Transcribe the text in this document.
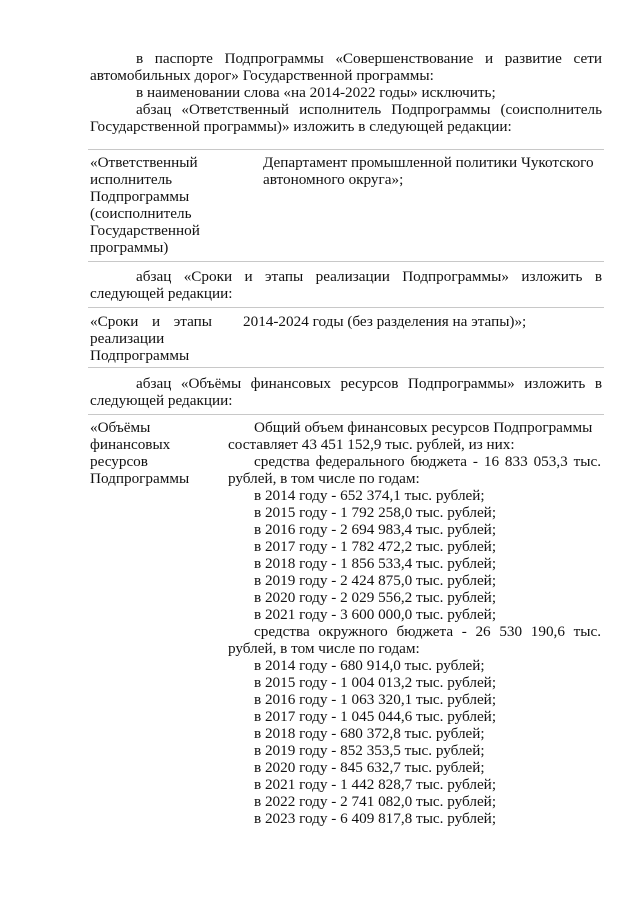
в паспорте Подпрограммы «Совершенствование и развитие сети
автомобильных дорог» Государственной программы:
в наименовании слова «на 2014-2022 годы» исключить;
абзац «Ответственный исполнитель Подпрограммы (соисполнитель
Государственной программы)» изложить в следующей редакции:
«Ответственный
исполнитель
Подпрограммы
(соисполнитель
Государственной
программы)
Департамент промышленной политики Чукотского
автономного округа»;
абзац «Сроки и этапы реализации Подпрограммы» изложить в
следующей редакции:
«Сроки и этапы
реализации
Подпрограммы
2014-2024 годы (без разделения на этапы)»;
абзац «Объёмы финансовых ресурсов Подпрограммы» изложить в
следующей редакции:
«Объёмы
финансовых
ресурсов
Подпрограммы
Общий объем финансовых ресурсов Подпрограммы
составляет 43 451 152,9 тыс. рублей, из них:
средства федерального бюджета - 16 833 053,3 тыс.
рублей, в том числе по годам:
в 2014 году - 652 374,1 тыс. рублей;
в 2015 году - 1 792 258,0 тыс. рублей;
в 2016 году - 2 694 983,4 тыс. рублей;
в 2017 году - 1 782 472,2 тыс. рублей;
в 2018 году - 1 856 533,4 тыс. рублей;
в 2019 году - 2 424 875,0 тыс. рублей;
в 2020 году - 2 029 556,2 тыс. рублей;
в 2021 году - 3 600 000,0 тыс. рублей;
средства окружного бюджета - 26 530 190,6 тыс.
рублей, в том числе по годам:
в 2014 году - 680 914,0 тыс. рублей;
в 2015 году - 1 004 013,2 тыс. рублей;
в 2016 году - 1 063 320,1 тыс. рублей;
в 2017 году - 1 045 044,6 тыс. рублей;
в 2018 году - 680 372,8 тыс. рублей;
в 2019 году - 852 353,5 тыс. рублей;
в 2020 году - 845 632,7 тыс. рублей;
в 2021 году - 1 442 828,7 тыс. рублей;
в 2022 году - 2 741 082,0 тыс. рублей;
в 2023 году - 6 409 817,8 тыс. рублей;
